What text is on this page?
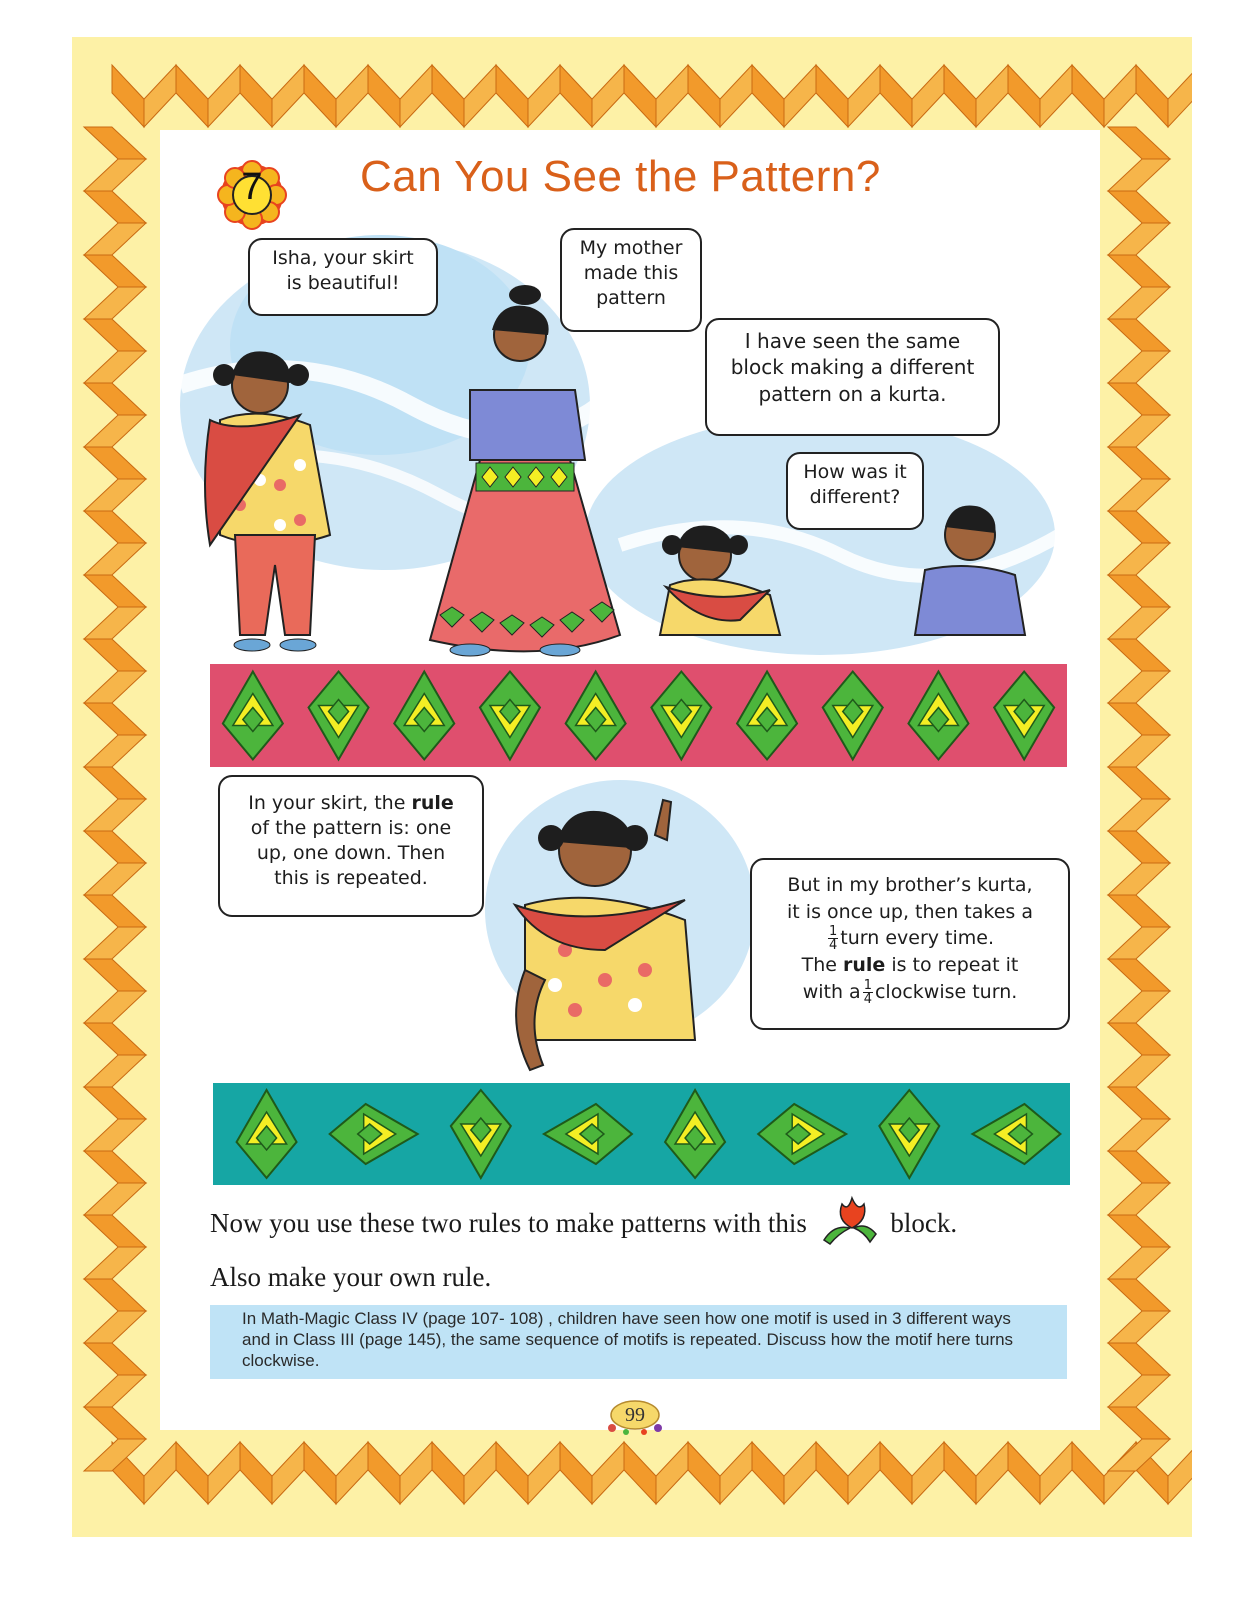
7 Can You See the Pattern?
Isha, your skirt
is beautiful!
My mother
made this
pattern
I have seen the same
block making a different
pattern on a kurta.
How was it
different?
In your skirt, the rule
of the pattern is: one
up, one down. Then
this is repeated.	But in my brother’s kurta,
it is once up, then takes a
$\frac{1}{4}$ turn every time.
The rule is to repeat it
with a $\frac{1}{4}$ clockwise turn.
Now you use these two rules to make patterns with this	block.
Also make your own rule.
In Math-Magic Class IV (page 107- 108) , children have seen how one motif is used in 3 different ways and in Class III (page 145), the same sequence of motifs is repeated. Discuss how the motif here turns clockwise.
99
